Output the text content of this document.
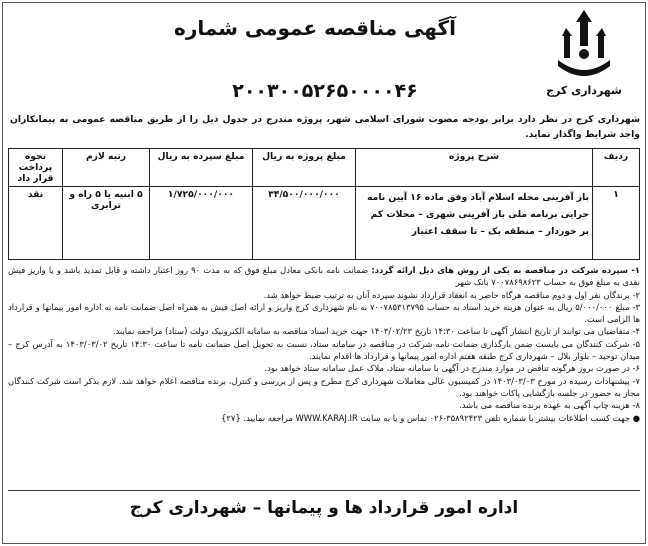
شهرداری کرج
آگهی مناقصه عمومی شماره
۲۰۰۳۰۰۵۲۶۵۰۰۰۰۴۶
شهرداری کرج در نظر دارد برابر بودجه مصوب شورای اسلامی شهر، پروژه مندرج در جدول ذیل را از طریق مناقصه عمومی به پیمانکاران واجد شرایط واگذار نماید.
ردیف	شرح پروژه	مبلغ پروژه به ریال	مبلغ سپرده به ریال	رتبه لازم	نحوه پرداخت قرار داد
۱	باز آفرینی محله اسلام آباد وفق ماده ۱۶ آیین نامه جرایی برنامه ملی باز آفرینی شهری – محلات کم بر خوردار – منطقه یک – تا سقف اعتبار	۳۴/۵۰۰/۰۰۰/۰۰۰	۱/۷۲۵/۰۰۰/۰۰۰	۵ ابنیه یا ۵ راه و ترابری	نقد

۱- سپرده شرکت در مناقصه به یکی از روش های ذیل ارائه گردد: ضمانت نامه بانکی معادل مبلغ فوق که به مدت ۹۰ روز اعتبار داشته و قابل تمدید باشد و یا واریز فیش نقدی به مبلغ فوق به حساب ۷۰۰۷۸۶۹۸۶۲۳ بانک شهر

۲- برندگان نفر اول و دوم مناقصه هرگاه حاضر به انعقاد قرارداد نشوند سپرده آنان به ترتیب ضبط خواهد شد.

۳- مبلغ ۵/۰۰۰/۰۰۰ ریال به عنوان هزینه خرید اسناد به حساب ۷۰۰۷۸۵۳۱۳۷۹۵ به نام شهرداری کرج واریز و ارائه اصل فیش به همراه اصل ضمانت نامه به اداره امور پیمانها و قرارداد ها الزامی است.

۴- متقاضیان می توانند از تاریخ انتشار آگهی تا ساعت ۱۴:۳۰ تاریخ ۱۴۰۳/۰۲/۲۳ جهت خرید اسناد مناقصه به سامانه الکترونیک دولت (ستاد) مراجعه نمایند.

۵- شرکت کنندگان می بایست ضمن بارگذاری ضمانت نامه شرکت در مناقصه در سامانه ستاد، نسبت به تحویل اصل ضمانت نامه تا ساعت ۱۴:۳۰ تاریخ ۱۴۰۳/۰۳/۰۲ به آدرس کرج – میدان توحید – بلوار بلال – شهرداری کرج طبقه هفتم اداره امور پیمانها و قرارداد ها اقدام نمایند.

۶- در صورت بروز هرگونه تناقض در موارد مندرج در آگهی با سامانه ستاد، ملاک عمل سامانه ستاد خواهد بود.

۷- پیشنهادات رسیده در مورخ ۱۴۰۳/۰۳/۰۳ در کمیسیون عالی معاملات شهرداری کرج مطرح و پس از بررسی و کنترل، برنده مناقصه اعلام خواهد شد. لازم بذکر است شرکت کنندگان مجاز به حضور در جلسه بازگشایی پاکات خواهند بود.

۸- هزینه چاپ آگهی به عهده برنده مناقصه می باشد.

● جهت کسب اطلاعات بیشتر با شماره تلفن ۳۵۸۹۲۴۲۳-۰۲۶ تماس و یا به سایت WWW.KARAJ.IR مراجعه نمایید. {۲۷}

اداره امور قرارداد ها و پیمانها – شهرداری کرج
